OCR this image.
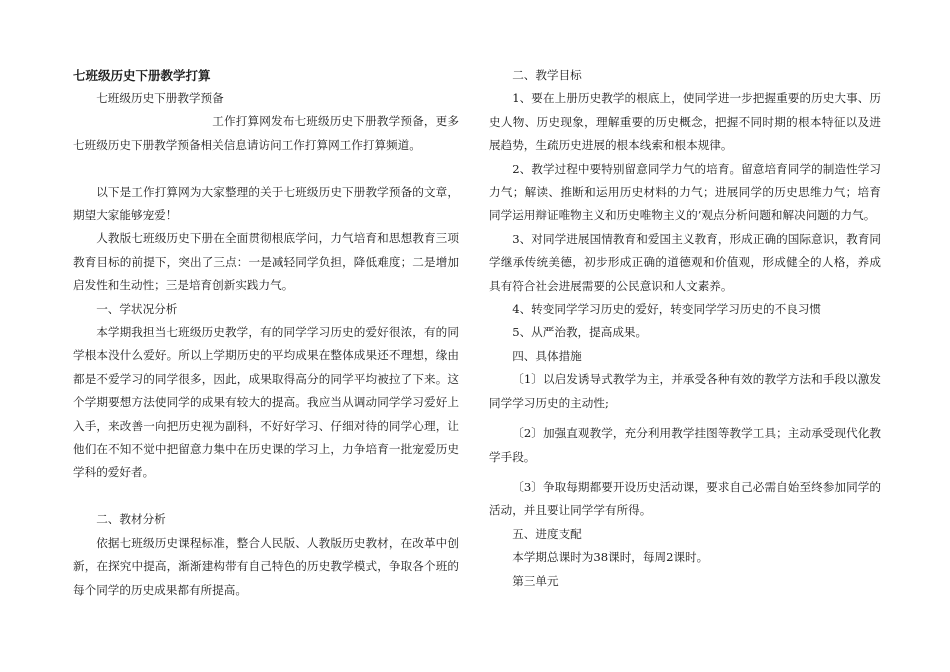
七班级历史下册教学打算

七班级历史下册教学预备

工作打算网发布七班级历史下册教学预备，更多七班级历史下册教学预备相关信息请访问工作打算网工作打算频道。

以下是工作打算网为大家整理的关于七班级历史下册教学预备的文章，期望大家能够宠爱！

人教版七班级历史下册在全面贯彻根底学问，力气培育和思想教育三项教育目标的前提下，突出了三点：一是减轻同学负担，降低难度；二是增加启发性和生动性；三是培育创新实践力气。

一、学状况分析

本学期我担当七班级历史教学，有的同学学习历史的爱好很浓，有的同学根本没什么爱好。所以上学期历史的平均成果在整体成果还不理想，缘由都是不爱学习的同学很多，因此，成果取得高分的同学平均被拉了下来。这个学期要想方法使同学的成果有较大的提高。我应当从调动同学学习爱好上入手，来改善一向把历史视为副科，不好好学习、仔细对待的同学心理，让他们在不知不觉中把留意力集中在历史课的学习上，力争培育一批宠爱历史学科的爱好者。

二、教材分析

依据七班级历史课程标准，整合人民版、人教版历史教材，在改革中创新，在探究中提高，渐渐建构带有自己特色的历史教学模式，争取各个班的每个同学的历史成果都有所提高。

二、教学目标

1、要在上册历史教学的根底上，使同学进一步把握重要的历史大事、历史人物、历史现象，理解重要的历史概念，把握不同时期的根本特征以及进展趋势，生疏历史进展的根本线索和根本规律。

2、教学过程中要特别留意同学力气的培育。留意培育同学的制造性学习力气；解读、推断和运用历史材料的力气；进展同学的历史思维力气；培育同学运用辩证唯物主义和历史唯物主义的’观点分析问题和解决问题的力气。

3、对同学进展国情教育和爱国主义教育，形成正确的国际意识，教育同学继承传统美德，初步形成正确的道德观和价值观，形成健全的人格，养成具有符合社会进展需要的公民意识和人文素养。

4、转变同学学习历史的爱好，转变同学学习历史的不良习惯

5、从严治教，提高成果。

四、具体措施

〔1〕以启发诱导式教学为主，并承受各种有效的教学方法和手段以激发同学学习历史的主动性;

〔2〕加强直观教学，充分利用教学挂图等教学工具；主动承受现代化教学手段。

〔3〕争取每期都要开设历史活动课，要求自己必需自始至终参加同学的活动，并且要让同学学有所得。

五、进度支配

本学期总课时为38课时，每周2课时。

第三单元
